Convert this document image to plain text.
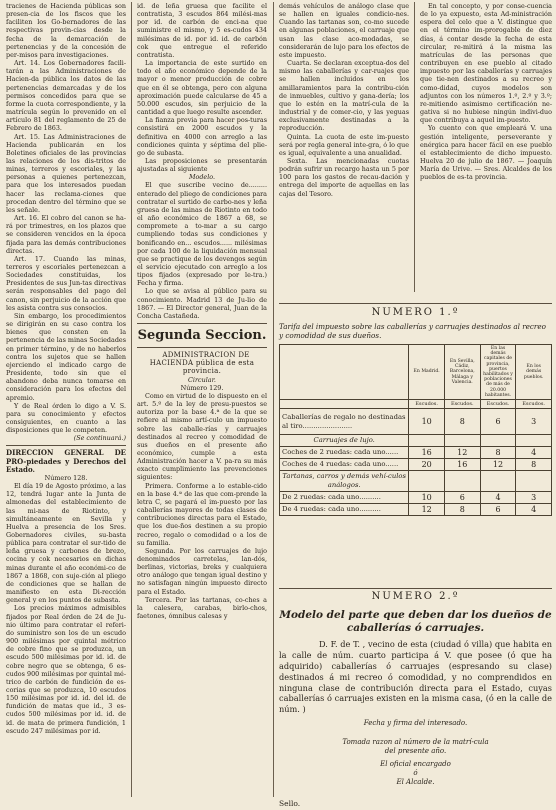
tracienes de Hacienda públicas son presen-cia de los fiscos que les faciliten los Go-bernadores de las respectivas provin-cias desde la fecha de la demarcación de pertenencias y de la concesión de per-misos para investigaciones.

Art. 14. Los Gobernadores facili-tarán a las Administraciones de Hacien-da pública los datos de las pertenencias demarcadas y de los permisos concedidos para que se forme la cuota correspondiente, y la matrícula según lo prevenido en el artículo 81 del reglamento de 25 de Febrero de 1863.

Art. 15. Las Administraciones de Hacienda publicarán en los Boletines oficiales de las provincias las relaciones de los dis-tritos de minas, terreros y escoriales, y las personas a quienes pertenezcan, para que los interesados puedan hacer las reclama-ciones que procedan dentro del término que se les señale.

Art. 16. El cobro del canon se ha-rá por trimestres, en los plazos que se consideren vencidos en la época fijada para las demás contribuciones directas.

Art. 17. Cuando las minas, terreros y escoriales pertenezcan a Sociedades constituidas, los Presidentes de sus Jun-tas directivas serán responsables del pago del canon, sin perjuicio de la acción que les asista contra sus consocios.

Sin embargo, los procedimientos se dirigirán en su caso contra los bienes que consten en la pertenencia de las minas Sociedades en primer término, y de no haberlos contra los sujetos que se hallen ejerciendo el indicado cargo de Presidente, todo sin que el abandono deba nunca tomarse en consideración para los efectos del apremio.

Y de Real órden lo digo a V. S. para su conocimiento y efectos consiguientes, en cuanto a las disposiciones que le competen.

(Se continuará.)

DIRECCION GENERAL DE PRO-piedades y Derechos del Estado.

Número 128.

El día 19 de Agosto próximo, a las 12, tendrá lugar ante la Junta de almonedas del establecimiento de las mi-nas de Riotinto, y simultáneamente en Sevilla y Huelva a presencia de los Sres. Gobernadores civiles, su-basta pública para contratar el sur-tido de leña gruesa y carbones de brezo, cocina y cok necesarios en dichas minas durante el año económi-co de 1867 a 1868, con suje-ción al pliego de condiciones que se hallan de manifiesto en esta Di-rección general y en los puntos de subasta.

Los precios máximos admisibles fijados por Real órden de 24 de Ju-nio último para contratar el referi-do suministro son los de un escudo 900 milésimas por quintal métrico de cobre fino que se produzca, un escudo 500 milésimas por id. id. de cobre negro que se obtenga, 6 es-cudos 900 milésimas por quintal mé-trico de carbón de fundición de es-corias que se produzca, 10 escudos 150 milésimas por id. id. del id. de fundición de matas que id., 3 es-cudos 500 milésimas por id. id. de id. de mata de primera fundición, 1 escudo 247 milésimas por id.

id. de leña gruesa que facilite el contratista, 3 escudos 864 milési-mas por id. de carbón de enci-na que suministre el mismo, y 5 es-cudos 434 milésimas de id. por id. id. de carbón cok que entregue el referido contratista.

La importancia de este surtido en todo el año económico depende de la mayor o menor producción de cobre que en él se obtenga, pero con alguna aproximación puede calcularse de 45 a 50.000 escudos, sin perjuicio de la cantidad a que luego resulte ascender.

La fianza previa para hacer pos-turas consistirá en 2000 escudos y la definitiva en 4000 con arreglo a las condiciones quinta y séptima del plie-go de subasta.

Las proposiciones se presentarán ajustadas al siguiente

Modelo.

El que suscribe vecino de......... enterado del pliego de condiciones para contratar el surtido de carbo-nes y leña gruesa de las minas de Riotinto en todo el año económico de 1867 a 68, se compromete a to-mar a su cargo cumpliendo todas sus condiciones y bonificando en... escudos...... milésimas por cada 100 de la liquidación mensual que se practique de los devengos según el servicio ejecutado con arreglo a los tipos fijados (expresado por le-tra.) Fecha y firma.

Lo que se avisa al público para su conocimiento. Madrid 13 de Ju-lio de 1867. — El Director general, Juan de la Concha Castañeda.

Segunda Seccion.

ADMINISTRACION DE HACIENDA pública de esta provincia.

Circular.

Número 129.

Como en virtud de lo dispuesto en el art. 5.º de la ley de presu-puestos se autoriza por la base 4.ª de la que se refiere al mismo artí-culo un impuesto sobre las caballe-rías y carruajes destinados al recreo y comodidad de sus dueños en el presente año económico, cumple a esta Administración hacer a V. pa-ra su más exacto cumplimiento las prevenciones siguientes:

Primera. Conforme a lo estable-cido en la base 4.ª de las que com-prende la letra C, se pagará el im-puesto por las caballerías mayores de todas clases de contribuciones directas para el Estado, que los due-ños destinen a su propio recreo, regalo o comodidad o a los de su familia.

Segunda. Por los carruajes de lujo denominados carretelas, lan-dós, berlinas, victorias, breks y cualquiera otro análogo que tengan igual destino y no satisfagan ningún impuesto directo para el Estado.

Tercera. Por las tartanas, co-ches a la calesera, carabas, birlo-chos, faetones, ómnibus calesas y

demás vehículos de análogo clase que se hallen en iguales condicio-nes. Cuando las tartanas son, co-mo sucede en algunas poblaciones, el carruaje que usan las clase aco-modadas, se considerarán de lujo para los efectos de este impuesto.

Cuarta. Se declaran exceptua-dos del mismo las caballerías y car-ruajes que se hallen incluidos en los amillaramientos para la contribu-ción de inmuebles, cultivo y gana-dería; los que lo estén en la matrí-cula de la industrial y de comer-cio, y las yeguas exclusivamente destinadas a la reproducción.

Quinta. La cuota de este im-puesto será por regla general inte-gra, ó lo que es igual, equivalente a una anualidad.

Sexta. Las mencionadas cuotas podrán sufrir un recargo hasta un 5 por 100 para los gastos de recau-dación y entrega del importe de aquellas en las cajas del Tesoro.

En tal concepto, y por conse-cuencia de lo ya expuesto, esta Ad-ministración espera del celo que a V. distingue que en el término im-prorogable de diez días, á contar desde la fecha de esta circular, re-mitirá á la misma las matrículas de las personas que contribuyen en ese pueblo al citado impuesto por las caballerías y carruajes que tie-nen destinados a su recreo y como-didad, cuyos modelos son adjuntos con los números 1.º, 2.º y 3.º; re-mitiendo asimismo certificación ne-gativa si no hubiese ningún indivi-duo que contribuya a aquel im-puesto.

Yo cuento con que empleará V. una gestión inteligente, perseverante y enérgica para hacer fácil en ese pueblo el establecimiento de dicho impuesto. Huelva 20 de julio de 1867. — Joaquín María de Urive. — Sres. Alcaldes de los pueblos de es-ta provincia.

NUMERO 1.º
Tarifa del impuesto sobre las caballerías y carruajes destinados al recreo y comodidad de sus dueños.
	En Madrid.	En Sevilla, Cádiz, Barcelona, Málaga y Valencia.	En las demás capitales de provincia, puertos habilitados y poblaciones de más de 20.000 habitantes.	En los demás pueblos.
	Escudos.	Escudos.	Escudos.	Escudos.
Caballerías de regalo no destinadas al tiro.......................	10	8	6	3
Carruajes de lujo.				
Coches de 2 ruedas: cada uno......	16	12	8	4
Coches de 4 ruedas: cada uno......	20	16	12	8
Tartanas, carros y demás vehí-culos análogos.				
De 2 ruedas: cada uno..........	10	6	4	3
De 4 ruedas: cada uno..........	12	8	6	4
NUMERO 2.º
Modelo del parte que deben dar los dueños de caballerías ó carruajes.

D. F. de T. , vecino de esta (ciudad ó villa) que habita en la calle de núm. cuarto participa á V. que posee (ó que ha adquirido) caballerías ó carruajes (espresando su clase) destinados á mi recreo ó comodidad, y no comprendidos en ninguna clase de contribución directa para el Estado, cuyas caballerías ó carruajes existen en la misma casa, (ó en la calle de núm. )

Fecha y firma del interesado.

Tomada razon al número de la matrí-cula del presente año.

El oficial encargado

ó

El Alcalde.

Sello.
